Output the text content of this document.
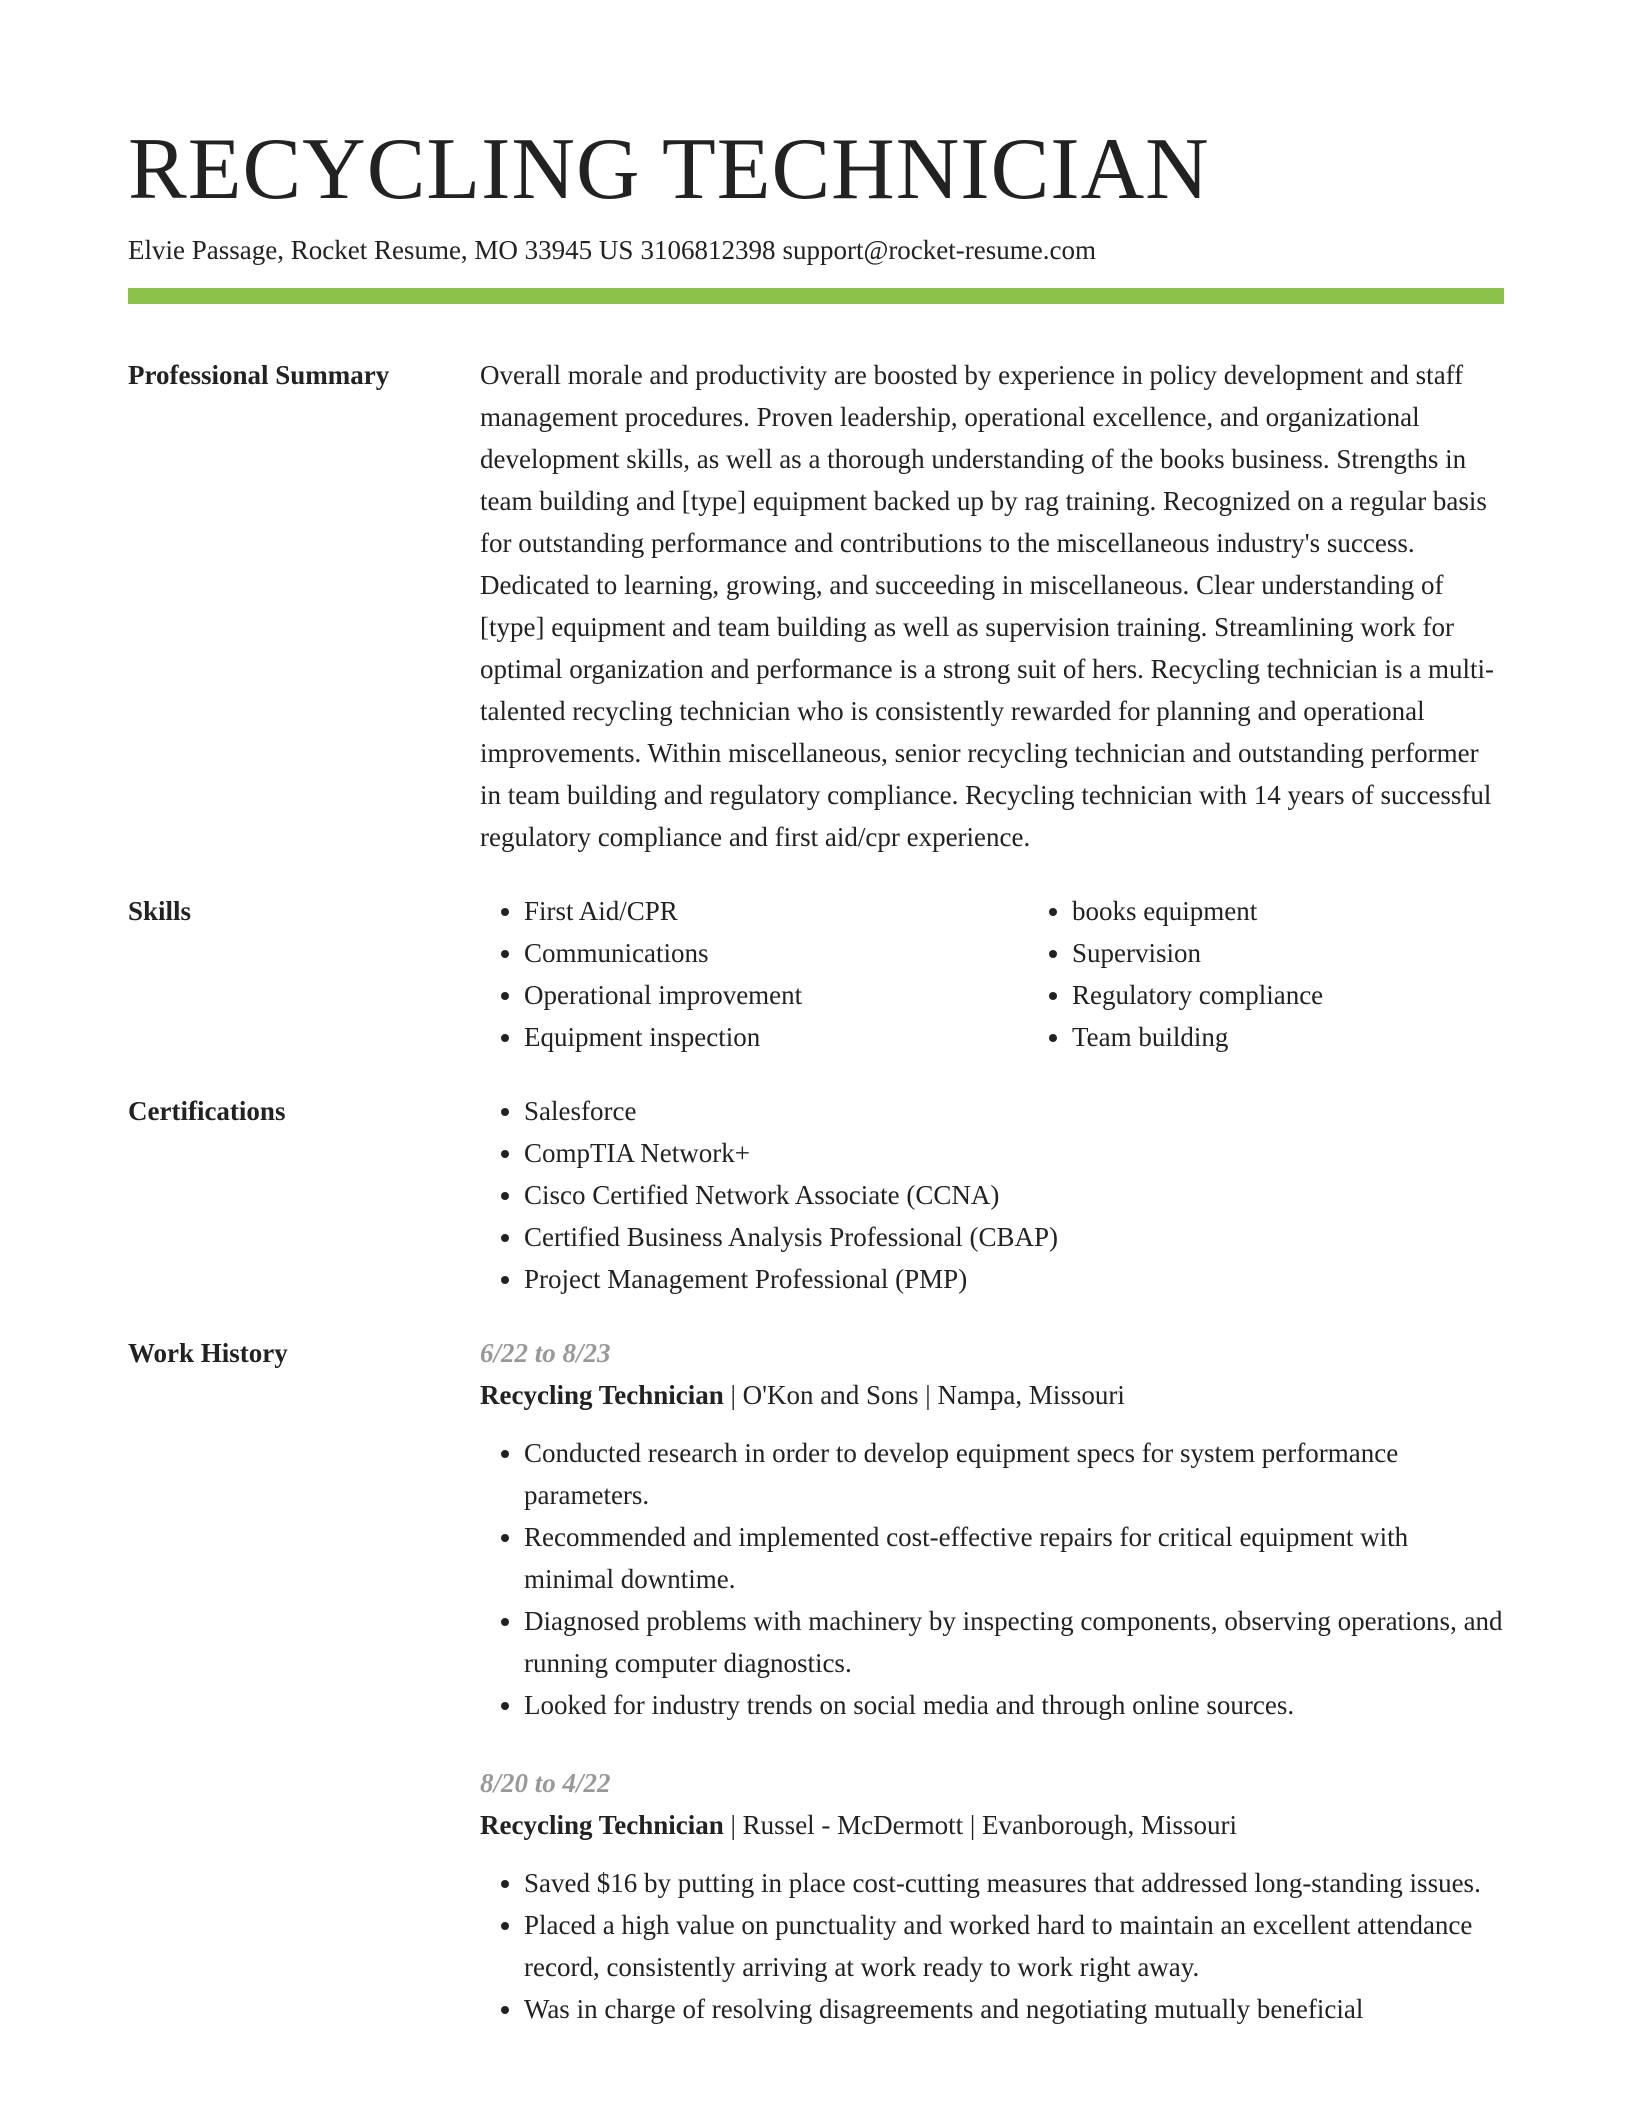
RECYCLING TECHNICIAN
Elvie Passage, Rocket Resume, MO 33945 US 3106812398 support@rocket-resume.com
Professional Summary	Overall morale and productivity are boosted by experience in policy development and staff management procedures. Proven leadership, operational excellence, and organizational development skills, as well as a thorough understanding of the books business. Strengths in team building and [type] equipment backed up by rag training. Recognized on a regular basis for outstanding performance and contributions to the miscellaneous industry's success. Dedicated to learning, growing, and succeeding in miscellaneous. Clear understanding of [type] equipment and team building as well as supervision training. Streamlining work for optimal organization and performance is a strong suit of hers. Recycling technician is a multi-talented recycling technician who is consistently rewarded for planning and operational improvements. Within miscellaneous, senior recycling technician and outstanding performer in team building and regulatory compliance. Recycling technician with 14 years of successful regulatory compliance and first aid/cpr experience.
Skills	• First Aid/CPR
• Communications
• Operational improvement
• Equipment inspection
• books equipment
• Supervision
• Regulatory compliance
• Team building
Certifications	• Salesforce
• CompTIA Network+
• Cisco Certified Network Associate (CCNA)
• Certified Business Analysis Professional (CBAP)
• Project Management Professional (PMP)
Work History	6/22 to 8/23
Recycling Technician | O'Kon and Sons | Nampa, Missouri
• Conducted research in order to develop equipment specs for system performance parameters.
• Recommended and implemented cost-effective repairs for critical equipment with minimal downtime.
• Diagnosed problems with machinery by inspecting components, observing operations, and running computer diagnostics.
• Looked for industry trends on social media and through online sources.
8/20 to 4/22
Recycling Technician | Russel - McDermott | Evanborough, Missouri
• Saved $16 by putting in place cost-cutting measures that addressed long-standing issues.
• Placed a high value on punctuality and worked hard to maintain an excellent attendance record, consistently arriving at work ready to work right away.
• Was in charge of resolving disagreements and negotiating mutually beneficial
